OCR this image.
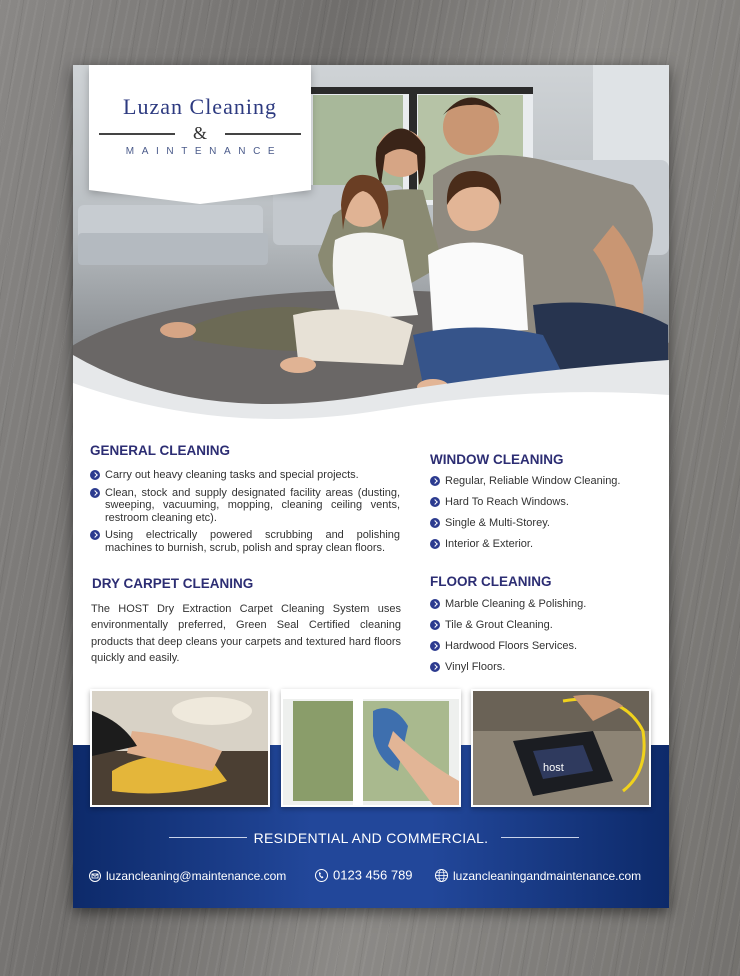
Luzan Cleaning
&
MAINTENANCE
GENERAL CLEANING
Carry out heavy cleaning tasks and special projects.
Clean, stock and supply designated facility areas (dusting, sweeping, vacuuming, mopping, cleaning ceiling vents, restroom cleaning etc).
Using electrically powered scrubbing and polishing machines to burnish, scrub, polish and spray clean floors.
DRY CARPET CLEANING
The HOST Dry Extraction Carpet Cleaning System uses environmentally preferred, Green Seal Certified cleaning products that deep cleans your carpets and textured hard floors quickly and easily.
WINDOW CLEANING
Regular, Reliable Window Cleaning.
Hard To Reach Windows.
Single & Multi-Storey.
Interior & Exterior.
FLOOR CLEANING
Marble Cleaning & Polishing.
Tile & Grout Cleaning.
Hardwood Floors Services.
Vinyl Floors.
host
RESIDENTIAL AND COMMERCIAL.
luzancleaning@maintenance.com	0123 456 789	luzancleaningandmaintenance.com
